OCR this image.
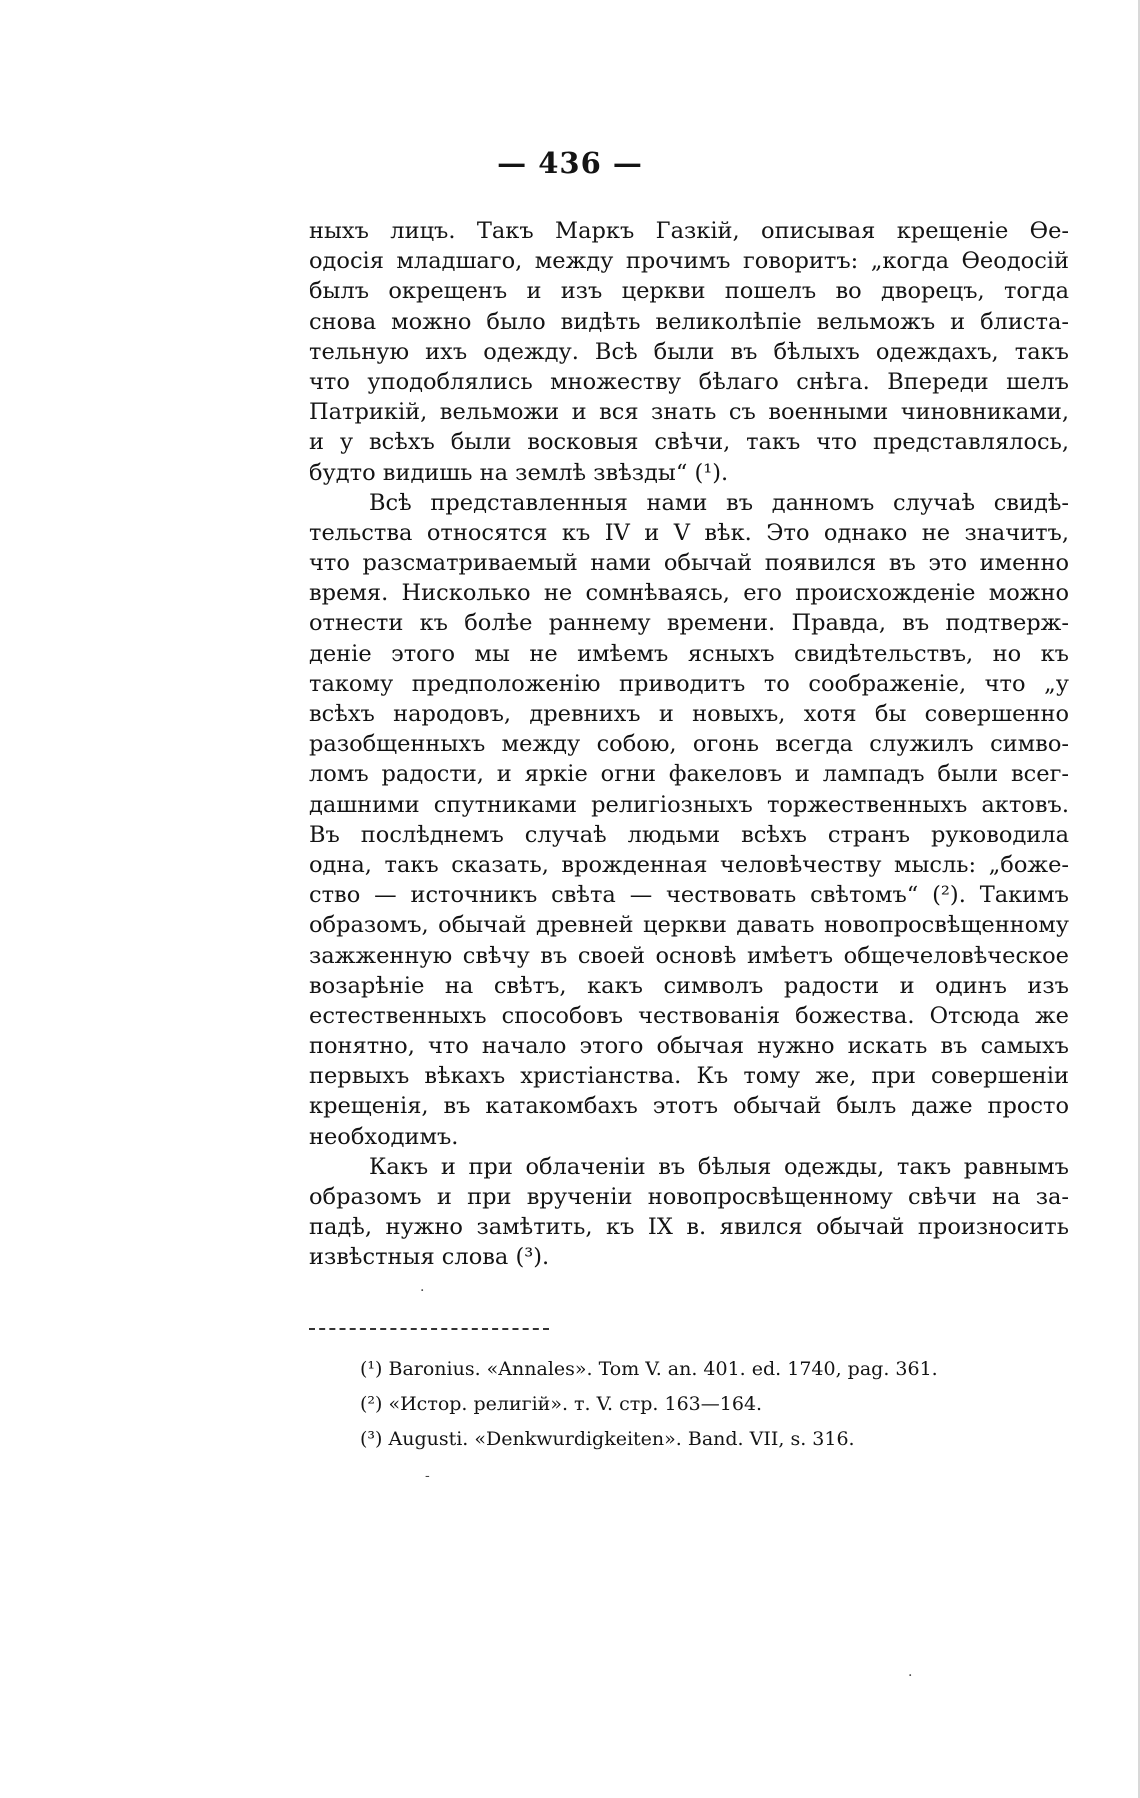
— 436 —
ныхъ лицъ. Такъ Маркъ Газкій, описывая крещеніе Ѳе-
одосія младшаго, между прочимъ говоритъ: „когда Ѳеодосій
былъ окрещенъ и изъ церкви пошелъ во дворецъ, тогда
снова можно было видѣть великолѣпіе вельможъ и блиста-
тельную ихъ одежду. Всѣ были въ бѣлыхъ одеждахъ, такъ
что уподоблялись множеству бѣлаго снѣга. Впереди шелъ
Патрикій, вельможи и вся знать съ военными чиновниками,
и у всѣхъ были восковыя свѣчи, такъ что представлялось,
будто видишь на землѣ звѣзды“ (¹).
Всѣ представленныя нами въ данномъ случаѣ свидѣ-
тельства относятся къ IV и V вѣк. Это однако не значитъ,
что разсматриваемый нами обычай появился въ это именно
время. Нисколько не сомнѣваясь, его происхожденіе можно
отнести къ болѣе раннему времени. Правда, въ подтверж-
деніе этого мы не имѣемъ ясныхъ свидѣтельствъ, но къ
такому предположенію приводитъ то соображеніе, что „у
всѣхъ народовъ, древнихъ и новыхъ, хотя бы совершенно
разобщенныхъ между собою, огонь всегда служилъ симво-
ломъ радости, и яркіе огни факеловъ и лампадъ были всег-
дашними спутниками религіозныхъ торжественныхъ актовъ.
Въ послѣднемъ случаѣ людьми всѣхъ странъ руководила
одна, такъ сказать, врожденная человѣчеству мысль: „боже-
ство — источникъ свѣта — чествовать свѣтомъ“ (²). Такимъ
образомъ, обычай древней церкви давать новопросвѣщенному
зажженную свѣчу въ своей основѣ имѣетъ общечеловѣческое
возарѣніе на свѣтъ, какъ символъ радости и одинъ изъ
естественныхъ способовъ чествованія божества. Отсюда же
понятно, что начало этого обычая нужно искать въ самыхъ
первыхъ вѣкахъ христіанства. Къ тому же, при совершеніи
крещенія, въ катакомбахъ этотъ обычай былъ даже просто
необходимъ.
Какъ и при облаченіи въ бѣлыя одежды, такъ равнымъ
образомъ и при врученіи новопросвѣщенному свѣчи на за-
падѣ, нужно замѣтить, къ IX в. явился обычай произносить
извѣстныя слова (³).
·
(¹) Baronius. «Annales». Tom V. an. 401. ed. 1740, pag. 361.
(²) «Истор. религій». т. V. стр. 163—164.
(³) Augusti. «Denkwurdigkeiten». Band. VII, s. 316.
-
·
